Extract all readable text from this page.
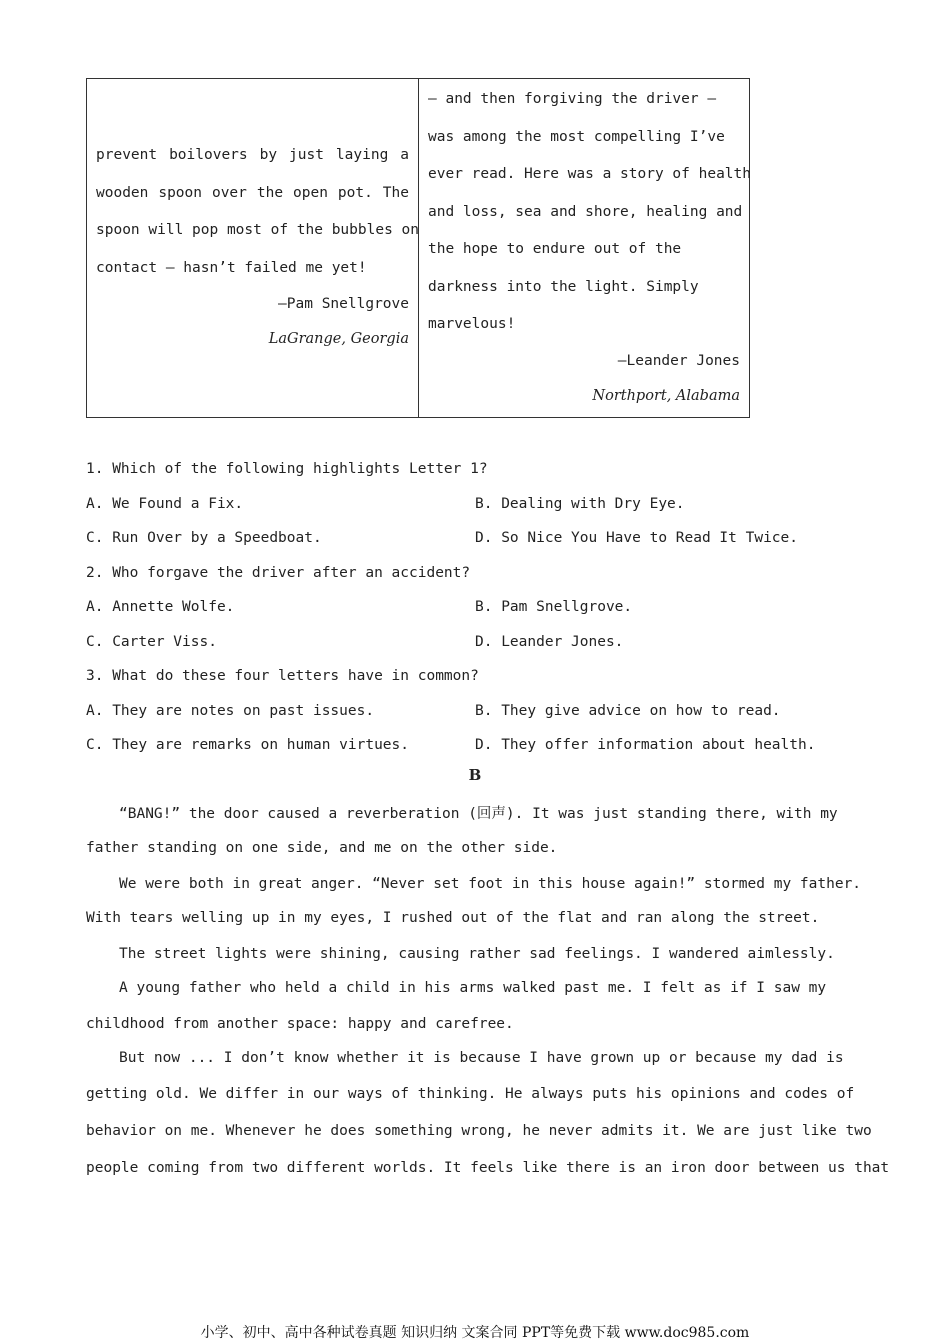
prevent boilovers by just laying a
wooden spoon over the open pot. The
spoon will pop most of the bubbles on
contact — hasn’t failed me yet!
—Pam Snellgrove
LaGrange, Georgia
— and then forgiving the driver —
was among the most compelling I’ve
ever read. Here was a story of health
and loss, sea and shore, healing and
the hope to endure out of the
darkness into the light. Simply
marvelous!
—Leander Jones
Northport, Alabama
1. Which of the following highlights Letter 1?
A. We Found a Fix.	B. Dealing with Dry Eye.
C. Run Over by a Speedboat.	D. So Nice You Have to Read It Twice.
2. Who forgave the driver after an accident?
A. Annette Wolfe.	B. Pam Snellgrove.
C. Carter Viss.	D. Leander Jones.
3. What do these four letters have in common?
A. They are notes on past issues.	B. They give advice on how to read.
C. They are remarks on human virtues.	D. They offer information about health.
B
“BANG!” the door caused a reverberation (回声). It was just standing there, with my
father standing on one side, and me on the other side.
We were both in great anger. “Never set foot in this house again!” stormed my father.
With tears welling up in my eyes, I rushed out of the flat and ran along the street.
The street lights were shining, causing rather sad feelings. I wandered aimlessly.
A young father who held a child in his arms walked past me. I felt as if I saw my
childhood from another space: happy and carefree.
But now ... I don’t know whether it is because I have grown up or because my dad is
getting old. We differ in our ways of thinking. He always puts his opinions and codes of
behavior on me. Whenever he does something wrong, he never admits it. We are just like two
people coming from two different worlds. It feels like there is an iron door between us that
小学、初中、高中各种试卷真题 知识归纳 文案合同 PPT等免费下载 www.doc985.com
